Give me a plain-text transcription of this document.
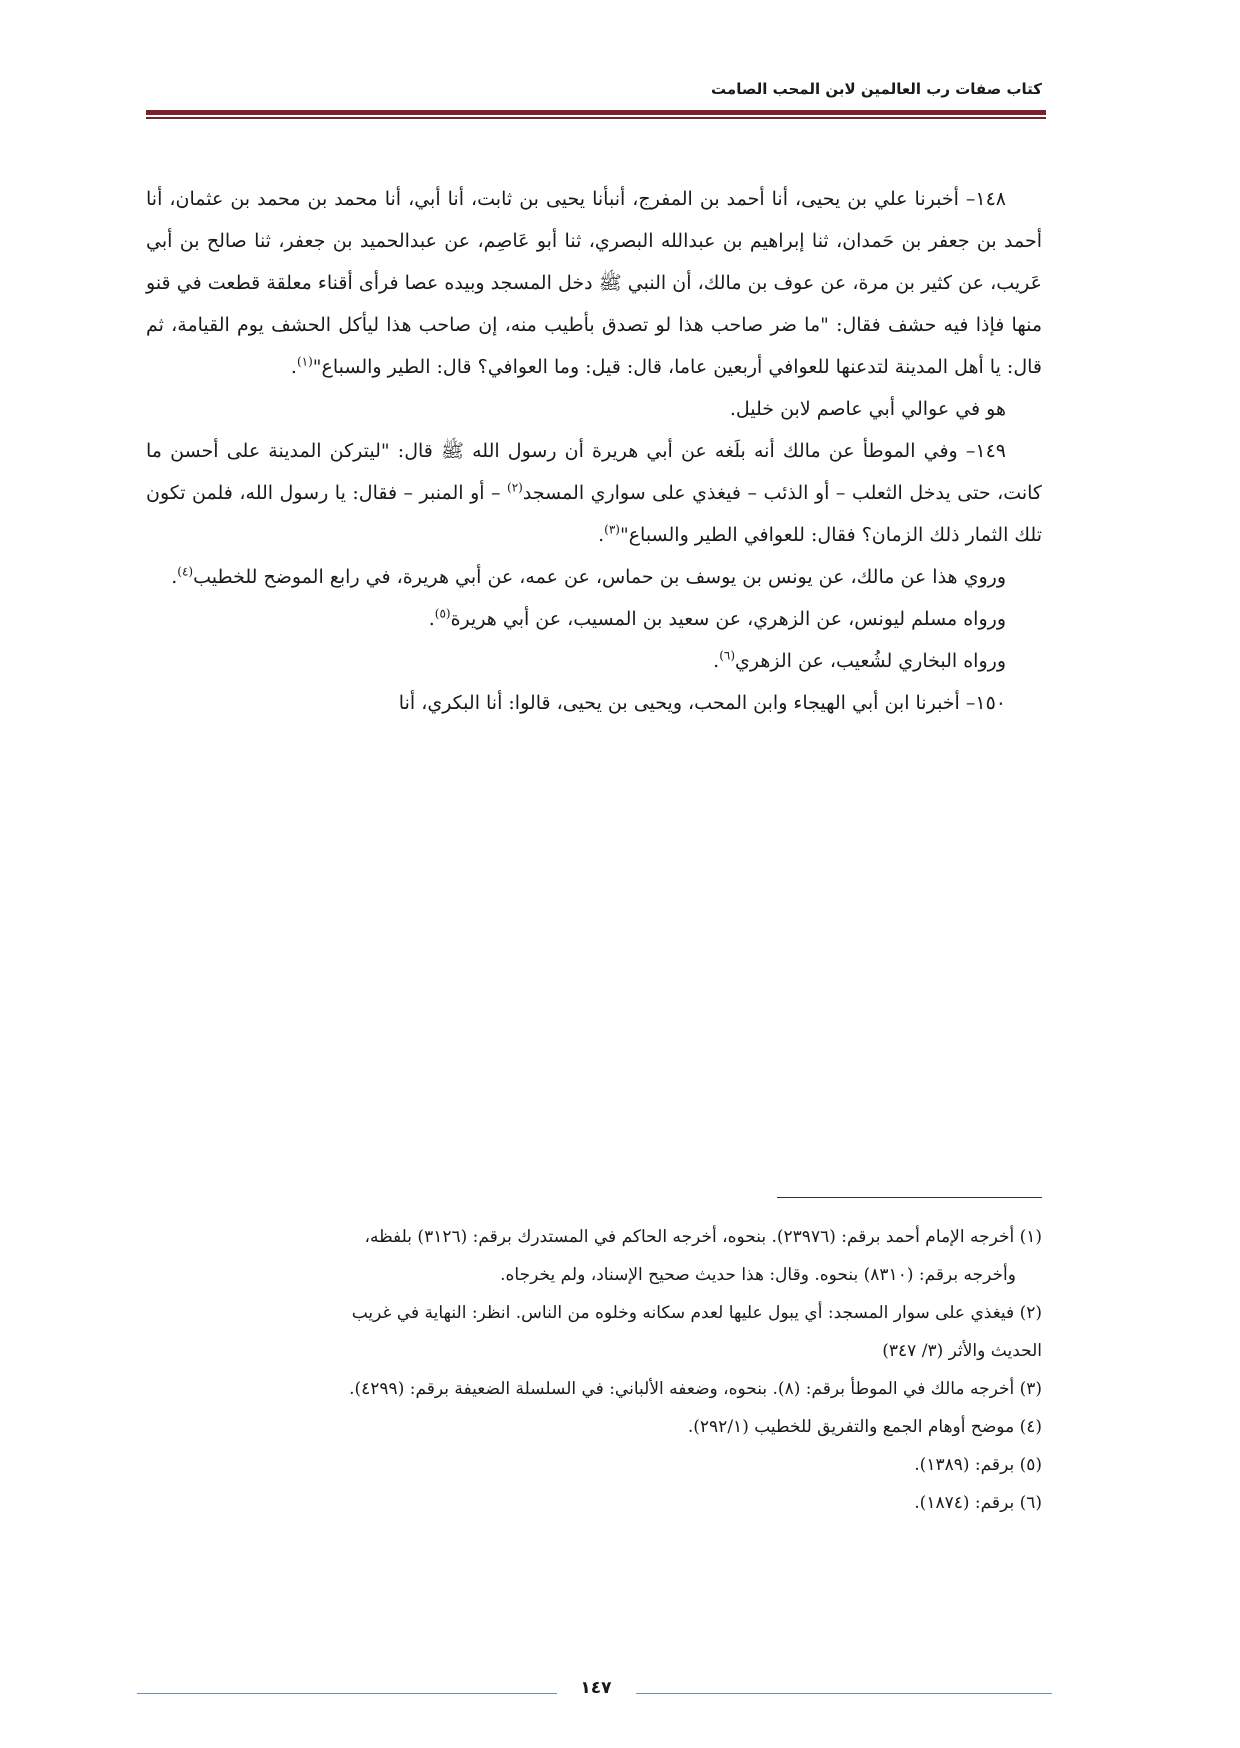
كتاب صفات رب العالمين لابن المحب الصامت

١٤٨– أخبرنا علي بن يحيى، أنا أحمد بن المفرج، أنبأنا يحيى بن ثابت، أنا أبي، أنا محمد بن محمد بن عثمان، أنا أحمد بن جعفر بن حَمدان، ثنا إبراهيم بن عبدالله البصري، ثنا أبو عَاصِم، عن عبدالحميد بن جعفر، ثنا صالح بن أبي عَريب، عن كثير بن مرة، عن عوف بن مالك، أن النبي ﷺ دخل المسجد وبيده عصا فرأى أقناء معلقة قطعت في قنو منها فإذا فيه حشف فقال: "ما ضر صاحب هذا لو تصدق بأطيب منه، إن صاحب هذا ليأكل الحشف يوم القيامة، ثم قال: يا أهل المدينة لتدعنها للعوافي أربعين عاما، قال: قيل: وما العوافي؟ قال: الطير والسباع"$^{(١)}$.

هو في عوالي أبي عاصم لابن خليل.

١٤٩– وفي الموطأ عن مالك أنه بلَغه عن أبي هريرة أن رسول الله ﷺ قال: "ليتركن المدينة على أحسن ما كانت، حتى يدخل الثعلب – أو الذئب – فيغذي على سواري المسجد$^{(٢)}$ – أو المنبر – فقال: يا رسول الله، فلمن تكون تلك الثمار ذلك الزمان؟ فقال: للعوافي الطير والسباع"$^{(٣)}$.

وروي هذا عن مالك، عن يونس بن يوسف بن حماس، عن عمه، عن أبي هريرة، في رابع الموضح للخطيب$^{(٤)}$.

ورواه مسلم ليونس، عن الزهري، عن سعيد بن المسيب، عن أبي هريرة$^{(٥)}$.

ورواه البخاري لشُعيب، عن الزهري$^{(٦)}$.

١٥٠– أخبرنا ابن أبي الهيجاء وابن المحب، ويحيى بن يحيى، قالوا: أنا البكري، أنا

(١) أخرجه الإمام أحمد برقم: (٢٣٩٧٦). بنحوه، أخرجه الحاكم في المستدرك برقم: (٣١٢٦) بلفظه،

وأخرجه برقم: (٨٣١٠) بنحوه. وقال: هذا حديث صحيح الإسناد، ولم يخرجاه.

(٢) فيغذي على سوار المسجد: أي يبول عليها لعدم سكانه وخلوه من الناس. انظر: النهاية في غريب

الحديث والأثر (٣/ ٣٤٧)

(٣) أخرجه مالك في الموطأ برقم: (٨). بنحوه، وضعفه الألباني: في السلسلة الضعيفة برقم: (٤٢٩٩).

(٤) موضح أوهام الجمع والتفريق للخطيب (٢٩٢/١).

(٥) برقم: (١٣٨٩).

(٦) برقم: (١٨٧٤).

١٤٧
